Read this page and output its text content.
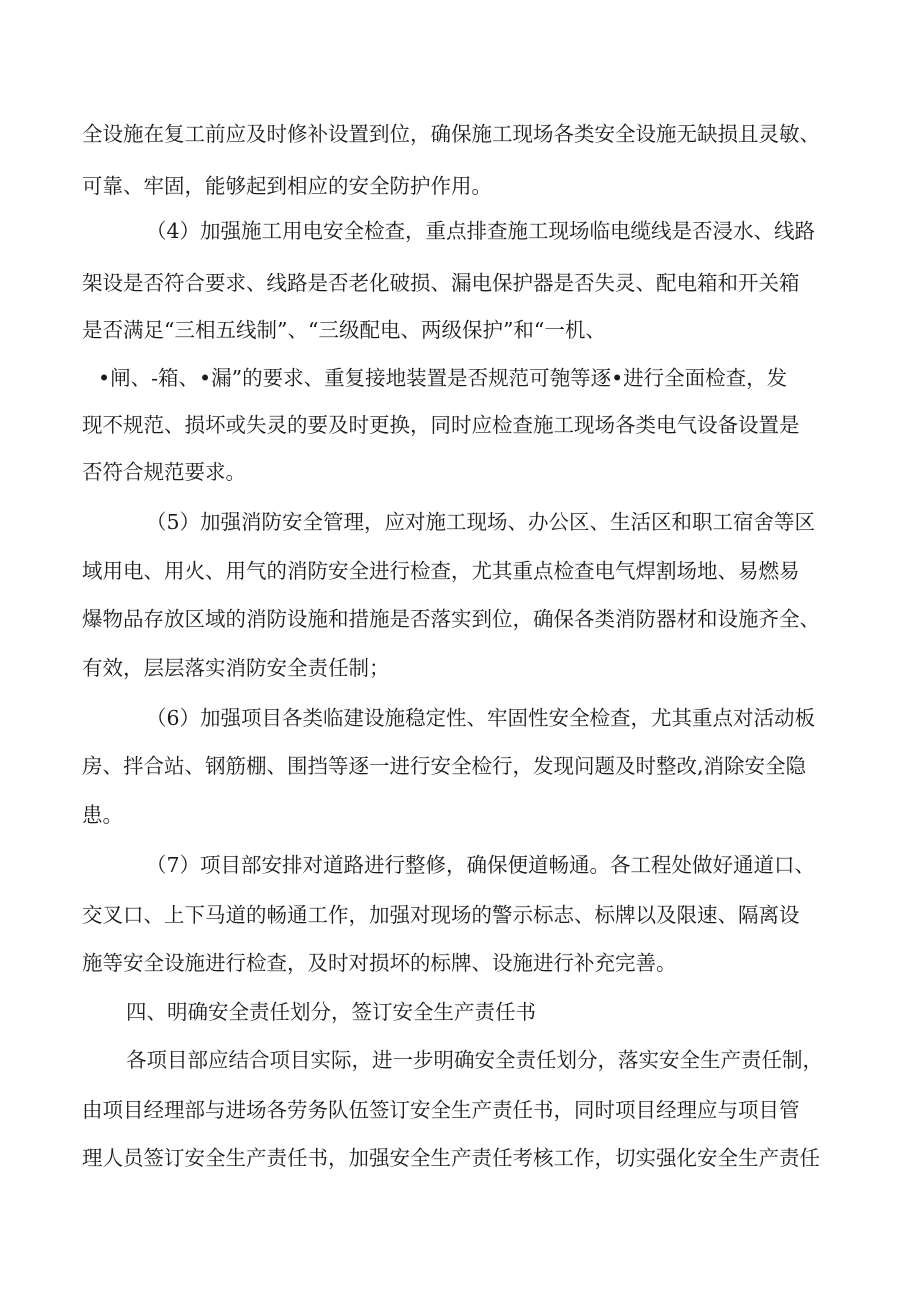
全设施在复工前应及时修补设置到位，确保施工现场各类安全设施无缺损且灵敏、
可靠、牢固，能够起到相应的安全防护作用。
（4）加强施工用电安全检查，重点排查施工现场临电缆线是否浸水、线路
架设是否符合要求、线路是否老化破损、漏电保护器是否失灵、配电箱和开关箱
是否满足“三相五线制”、“三级配电、两级保护”和“一机、
•闸、-箱、•漏”的要求、重复接地装置是否规范可匏等逐•进行全面检查，发
现不规范、损坏或失灵的要及时更换，同时应检查施工现场各类电气设备设置是
否符合规范要求。
（5）加强消防安全管理，应对施工现场、办公区、生活区和职工宿舍等区
域用电、用火、用气的消防安全进行检查，尤其重点检查电气焊割场地、易燃易
爆物品存放区域的消防设施和措施是否落实到位，确保各类消防器材和设施齐全、
有效，层层落实消防安全责任制；
（6）加强项目各类临建设施稳定性、牢固性安全检查，尤其重点对活动板
房、拌合站、钢筋棚、围挡等逐一进行安全检行，发现问题及时整改,消除安全隐
患。
（7）项目部安排对道路进行整修，确保便道畅通。各工程处做好通道口、
交叉口、上下马道的畅通工作，加强对现场的警示标志、标牌以及限速、隔离设
施等安全设施进行检查，及时对损坏的标牌、设施进行补充完善。
四、明确安全责任划分，签订安全生产责任书
各项目部应结合项目实际，进一步明确安全责任划分，落实安全生产责任制，
由项目经理部与进场各劳务队伍签订安全生产责任书，同时项目经理应与项目管
理人员签订安全生产责任书，加强安全生产责任考核工作，切实强化安全生产责任
